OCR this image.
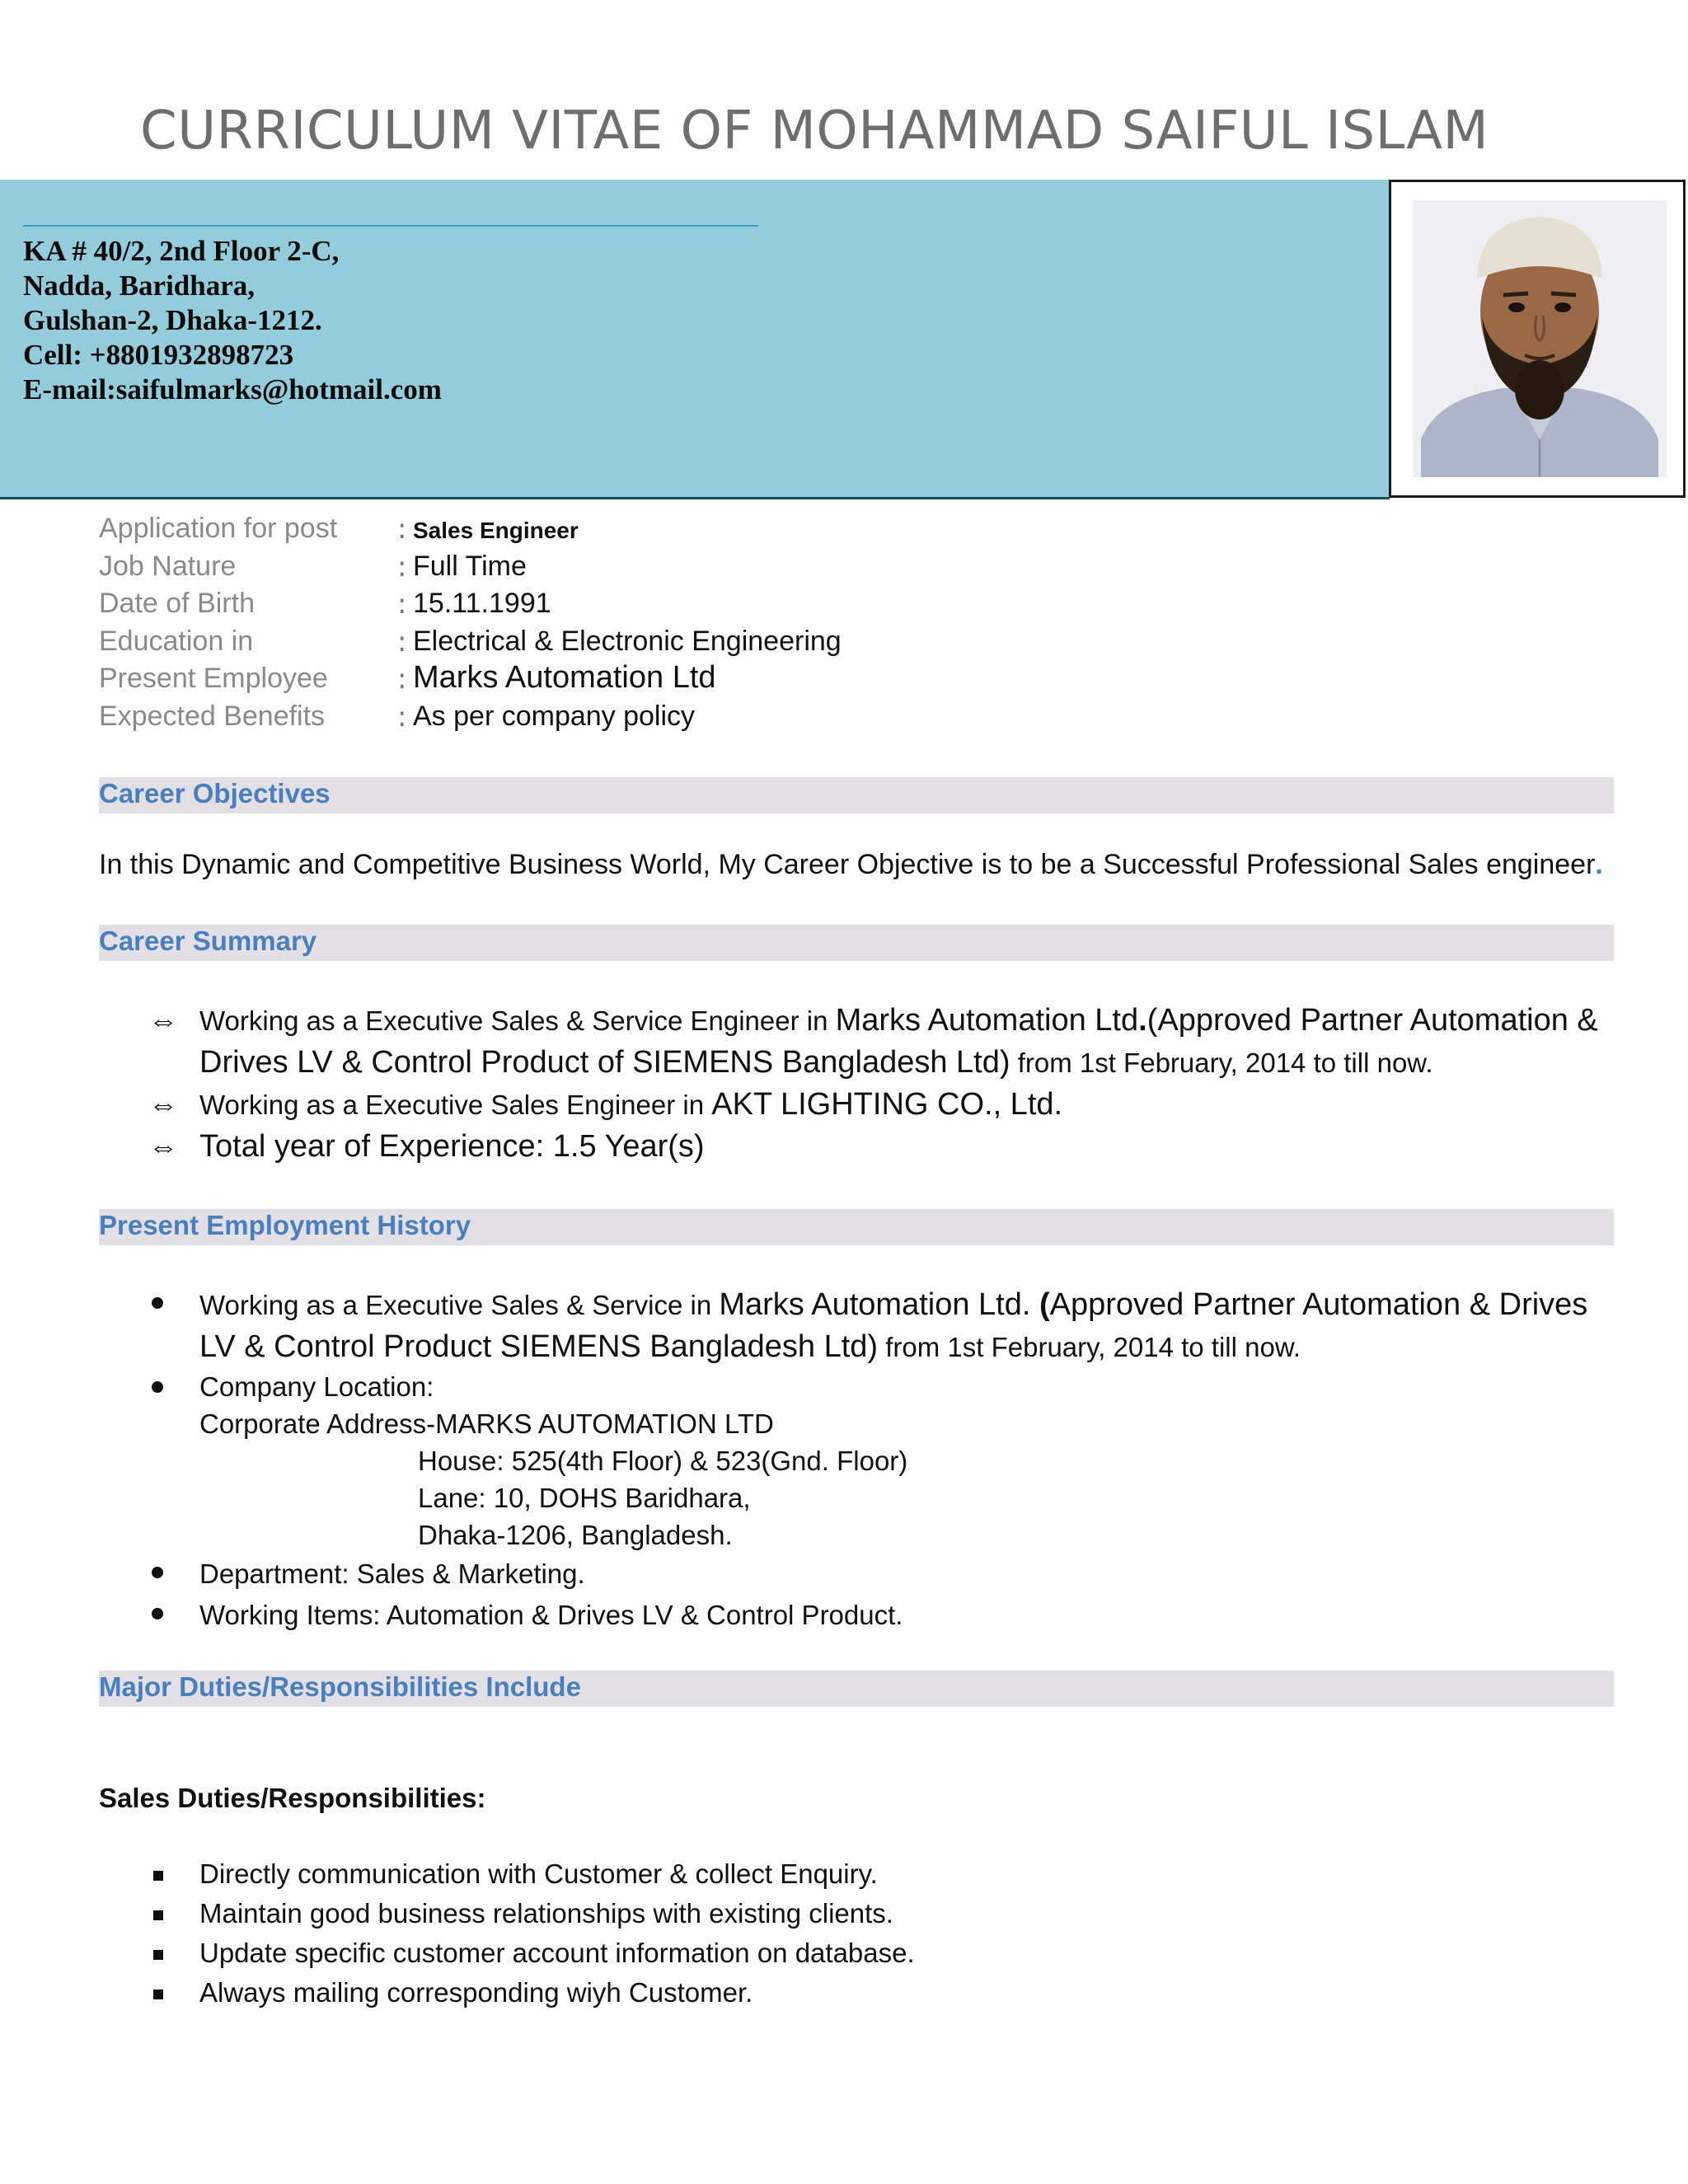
CURRICULUM VITAE OF MOHAMMAD SAIFUL ISLAM
KA # 40/2, 2nd Floor 2-C,
Nadda, Baridhara,
Gulshan-2, Dhaka-1212.
Cell: +8801932898723
E-mail:saifulmarks@hotmail.com
Application for post : Sales Engineer
Job Nature	: Full Time
Date of Birth	: 15.11.1991
Education in	: Electrical & Electronic Engineering
Present Employee : Marks Automation Ltd
Expected Benefits	: As per company policy
Career Objectives
In this Dynamic and Competitive Business World, My Career Objective is to be a Successful Professional Sales engineer.
Career Summary
⇔ Working as a Executive Sales & Service Engineer in Marks Automation Ltd.(Approved Partner Automation & Drives LV & Control Product of SIEMENS Bangladesh Ltd) from 1st February, 2014 to till now.
⇔ Working as a Executive Sales Engineer in AKT LIGHTING CO., Ltd.
⇔ Total year of Experience: 1.5 Year(s)
Present Employment History
Working as a Executive Sales & Service in Marks Automation Ltd. (Approved Partner Automation & Drives LV & Control Product SIEMENS Bangladesh Ltd) from 1st February, 2014 to till now.
Company Location:
Corporate Address-MARKS AUTOMATION LTD
House: 525(4th Floor) & 523(Gnd. Floor)
Lane: 10, DOHS Baridhara,
Dhaka-1206, Bangladesh.
Department: Sales & Marketing.
Working Items: Automation & Drives LV & Control Product.
Major Duties/Responsibilities Include
Sales Duties/Responsibilities:
Directly communication with Customer & collect Enquiry.
Maintain good business relationships with existing clients.
Update specific customer account information on database.
Always mailing corresponding wiyh Customer.
